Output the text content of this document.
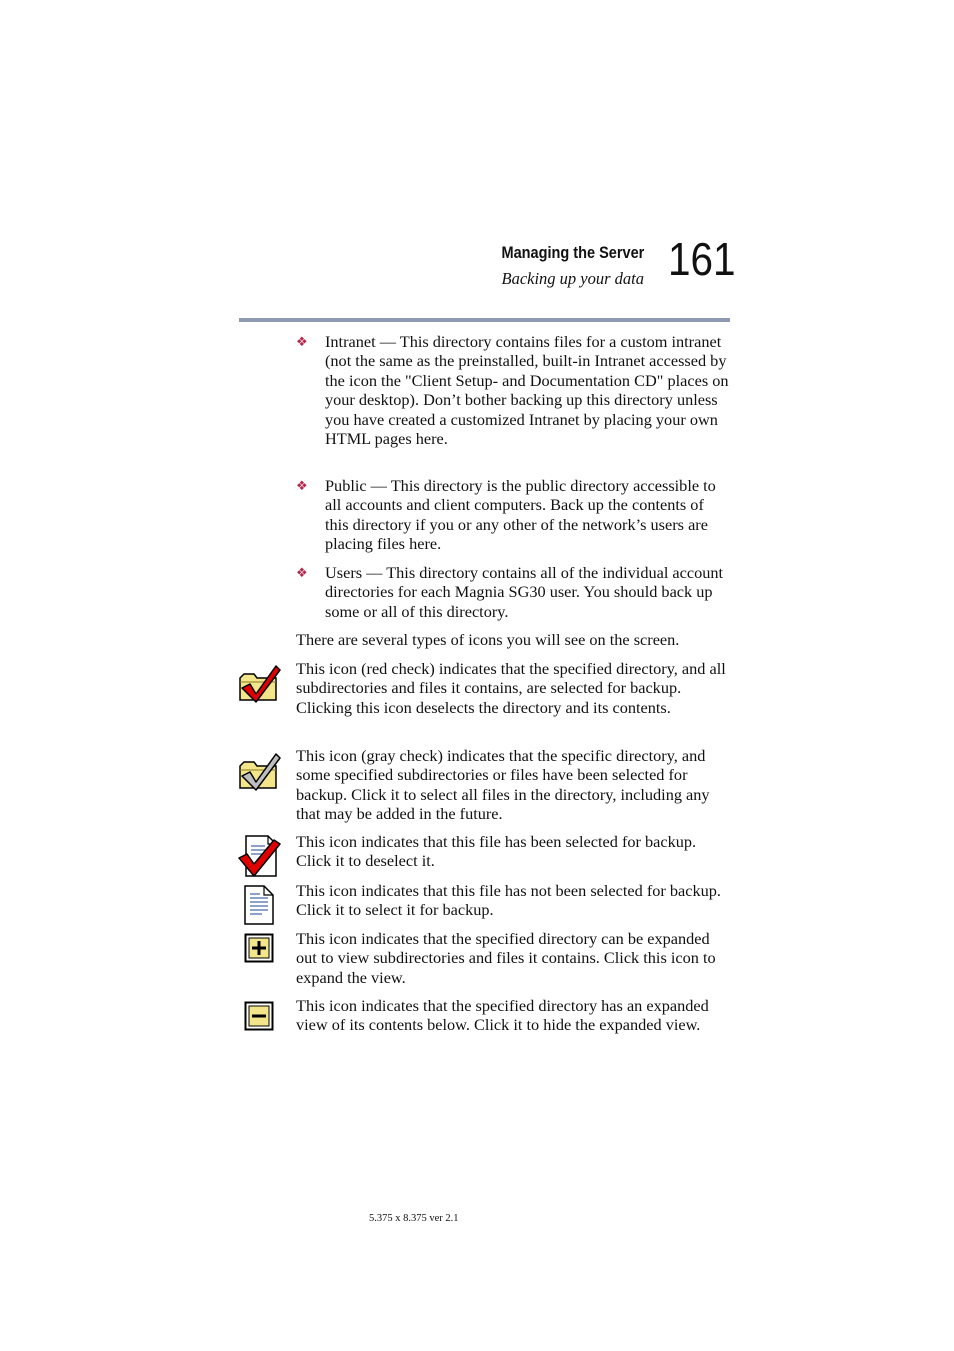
Managing the Server
Backing up your data 161
❖ Intranet — This directory contains files for a custom intranet (not the same as the preinstalled, built-in Intranet accessed by the icon the "Client Setup- and Documentation CD" places on your desktop). Don’t bother backing up this directory unless you have created a customized Intranet by placing your own HTML pages here.
❖ Public — This directory is the public directory accessible to all accounts and client computers. Back up the contents of this directory if you or any other of the network’s users are placing files here.
❖ Users — This directory contains all of the individual account directories for each Magnia SG30 user. You should back up some or all of this directory.
There are several types of icons you will see on the screen.
This icon (red check) indicates that the specified directory, and all subdirectories and files it contains, are selected for backup. Clicking this icon deselects the directory and its contents.
This icon (gray check) indicates that the specific directory, and some specified subdirectories or files have been selected for backup. Click it to select all files in the directory, including any that may be added in the future.
This icon indicates that this file has been selected for backup. Click it to deselect it.
This icon indicates that this file has not been selected for backup. Click it to select it for backup.
This icon indicates that the specified directory can be expanded out to view subdirectories and files it contains. Click this icon to expand the view.
This icon indicates that the specified directory has an expanded view of its contents below. Click it to hide the expanded view.
5.375 x 8.375 ver 2.1
